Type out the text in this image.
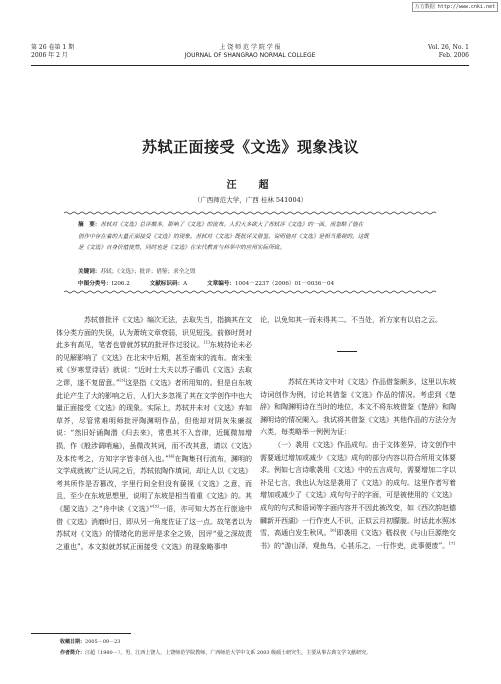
万方数据 http://www.cnki.net
第 26 卷第 1 期
2006 年 2 月
上 饶 师 范 学 院 学 报
JOURNAL OF SHANGRAO NORMAL COLLEGE
Vol. 26, No. 1
Feb. 2006
苏轼正面接受《文选》现象浅议
汪　超
（广西师范大学，广西 桂林 541004）
摘　要：苏轼对《文选》总评颇多，影响了《文选》的流布。人们大多欲大了苏轼评《文选》的一面，而忽略了他在
创作中存在着的大量正面接受《文选》的现象。苏轼对《文选》既批评又借鉴，说明他对《文选》是相当重视的。这既
是《文选》自身价值使然，同时也是《文选》在宋代教育与科举中的应用实际所致。
关键词：苏轼；《文选》；批评；借鉴；求全之毁
中图分类号：I206.2	文献标识码：A	文章编号：1004－2237（2006）01－0036－04

　　苏轼曾批评《文选》编次无法，去取失当，指摘其在文体分类方面的失误，认为萧统文章衰弱，识见短浅。前修时贤对此多有高见，笔者也曾就苏轼的批评作过驳议。[1]东坡持论未必的见解影响了《文选》在北宋中后期，甚至南宋的流布。南宋张戒《岁寒堂诗话》就说：“近时士大夫以苏子瞻讥《文选》去取之谬，遂不复留意。”[3]这是指《文选》者所用知的。但是自东坡此论产生了大的影响之后，人们大多忽视了其在文学创作中也大量正面接受《文选》的现象。实际上，苏轼并未对《文选》弃如草芥，尽管常难明师批评陶渊明作品，但他却对阴灰朱廉叔说：“然旧好诵陶潜《归去来》，常患其不入音律，近辄微加增损，作《般涉调哨遍》，虽微改其词，而不改其意，请以《文选》及本传考之，方知字字皆非创入也。”[4]在陶集刊行流布，渊明的文学成就被广泛认同之后，苏轼依陶作填词，却让人以《文选》考其所作是否篡改，字里行间全但没有藐视《文选》之意，而且，至少在东坡思想里，说明了东坡是相当看重《文选》的。其《题文选》之“舟中读《文选》”[5]一语，亦可知大苏在行旅途中借《文选》消磨时日，即从另一角度佐证了这一点。故笔者以为苏轼对《文选》的情绪化的思评是求全之毁，因评“爱之深故责之重也”。本文拟就苏轼正面接受《文选》的现象略事申

论，以免知其一而未得其二。不当处，祈方家有以启之云。

　　苏轼在其诗文中对《文选》作品借鉴颇多，这里以东坡诗词创作为例，讨论其借鉴《文选》作品的情况。考虑到《楚辞》和陶渊明诗在当时的地位，本文不将东坡借鉴《楚辞》和陶渊明诗的情况阑入。我试将其借鉴《文选》其他作品的方法分为六类，每类略举一例例为证：

（一）袭用《文选》作品成句。由于文体差异，诗文创作中需要通过增加或减少《文选》成句的部分内容以符合所用文体要求。例如七言诗歌袭用《文选》中的五言成句，需要增加二字以补足七言，我也认为这是袭用了《文选》的成句。这里作者写着增加或减少了《文选》成句句子的字面，可是被使用的《文选》成句的句式和语词等字面内容并不因此被改变，如《西次韵赵德麟新开西湖》一行作吏人不识，正似云月初朦胧。时话此水照冰雪，高通白发生秋风。[6]即袭用《文选》嵇叔夜《与山巨源绝交书》的“游山泽，观鱼鸟，心甚乐之，一行作吏，此事便废”。[7]

收稿日期：2005－09－23
作者简介：汪超（1980－），男，江西上饶人，上饶师范学院教师，广西师范大学中文系 2003 级硕士研究生，主要从事古典文学文献研究。
